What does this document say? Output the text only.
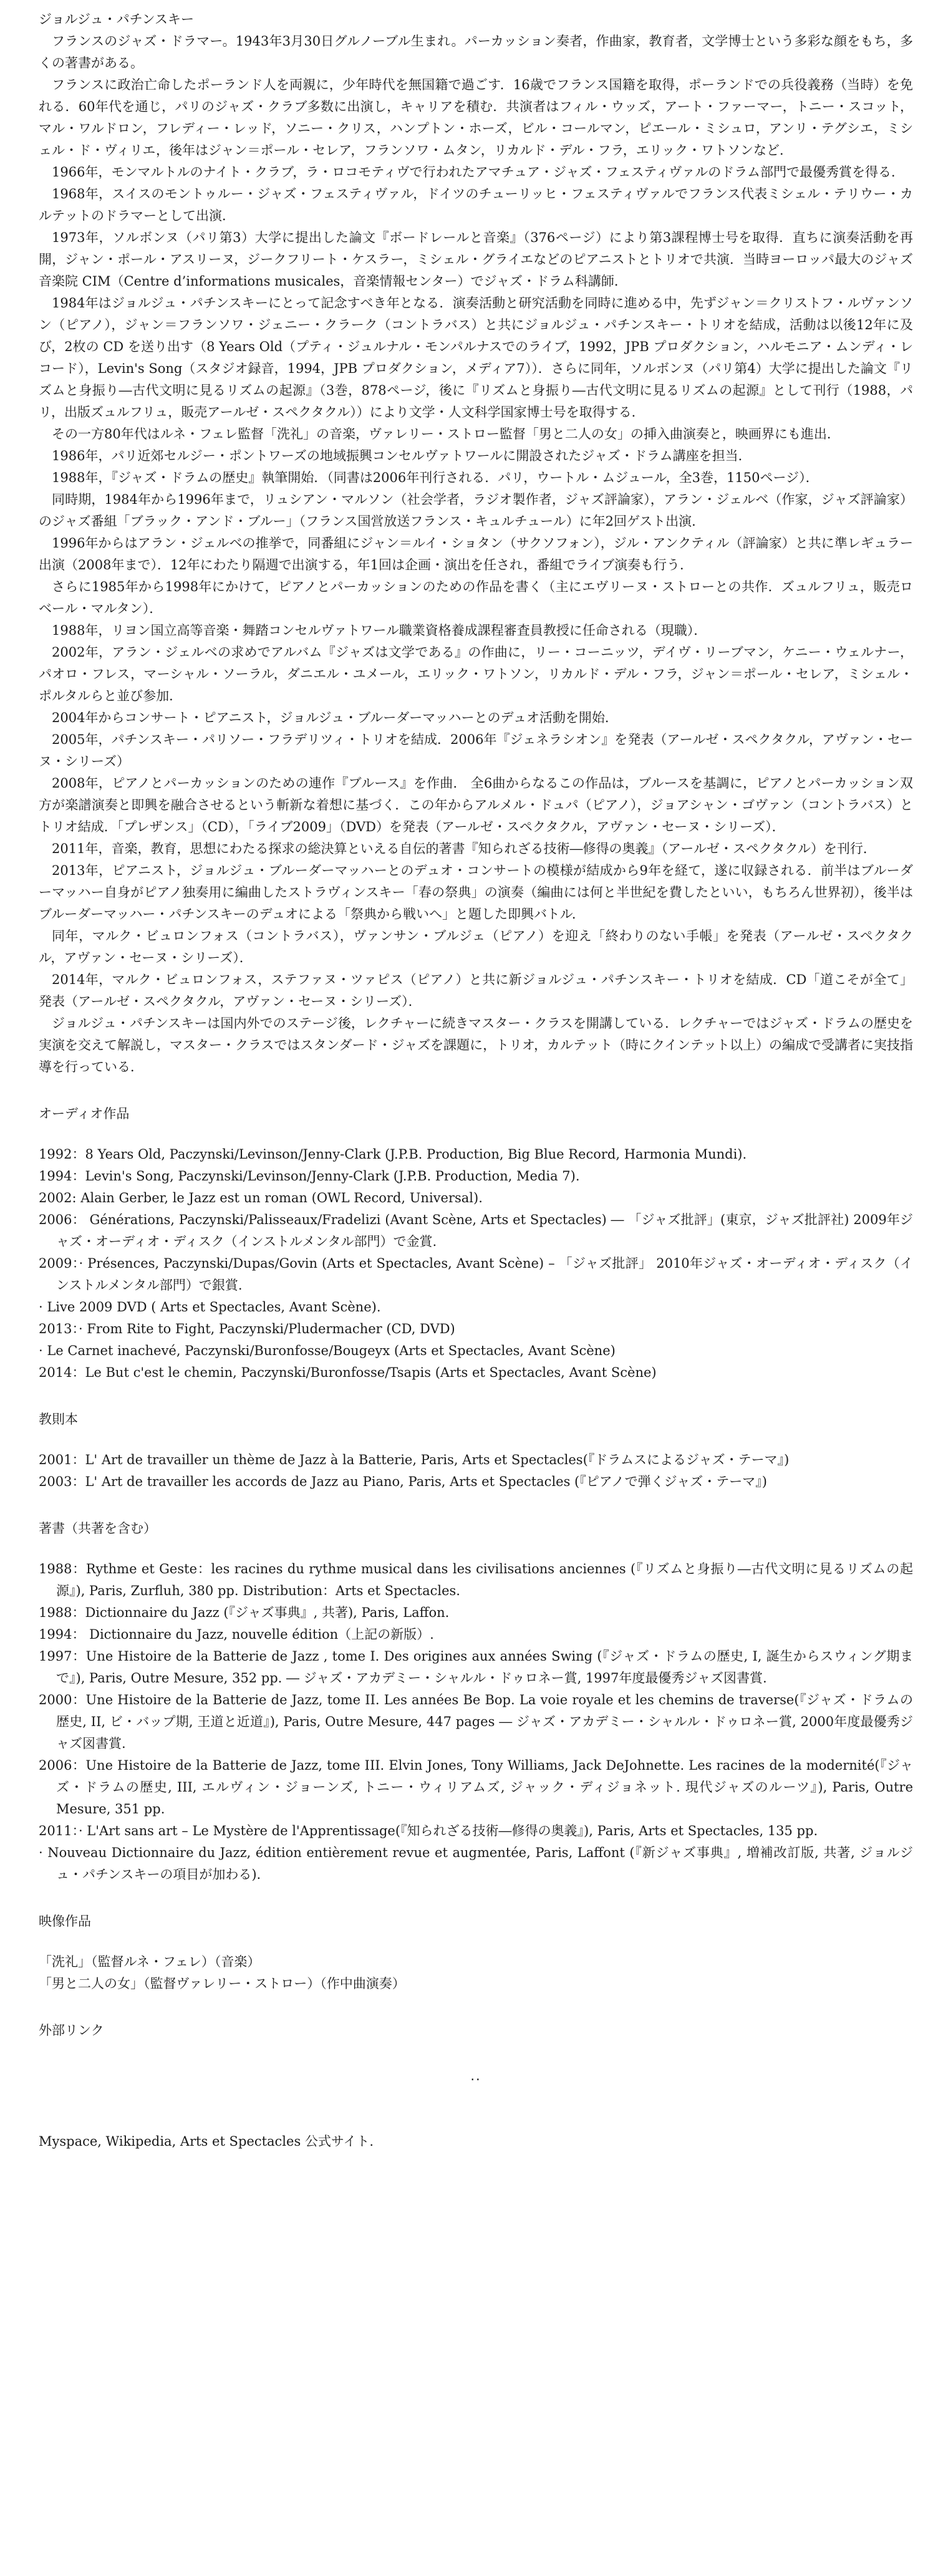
ジョルジュ・パチンスキー

フランスのジャズ・ドラマー。1943年3月30日グルノーブル生まれ。パーカッション奏者，作曲家，教育者，文学博士という多彩な顔をもち，多くの著書がある。

フランスに政治亡命したポーランド人を両親に，少年時代を無国籍で過ごす．16歳でフランス国籍を取得，ポーランドでの兵役義務（当時）を免れる．60年代を通じ，パリのジャズ・クラブ多数に出演し，キャリアを積む．共演者はフィル・ウッズ，アート・ファーマー，トニー・スコット，マル・ワルドロン，フレディー・レッド，ソニー・クリス，ハンプトン・ホーズ，ビル・コールマン，ピエール・ミシュロ，アンリ・テグシエ，ミシェル・ド・ヴィリエ，後年はジャン＝ポール・セレア，フランソワ・ムタン，リカルド・デル・フラ，エリック・ワトソンなど．

1966年，モンマルトルのナイト・クラブ，ラ・ロコモティヴで行われたアマチュア・ジャズ・フェスティヴァルのドラム部門で最優秀賞を得る．

1968年，スイスのモントゥルー・ジャズ・フェスティヴァル，ドイツのチューリッヒ・フェスティヴァルでフランス代表ミシェル・テリウー・カルテットのドラマーとして出演．

1973年，ソルボンヌ（パリ第3）大学に提出した論文『ボードレールと音楽』（376ページ）により第3課程博士号を取得．直ちに演奏活動を再開，ジャン・ポール・アスリーヌ，ジークフリート・ケスラー，ミシェル・グライエなどのピアニストとトリオで共演．当時ヨーロッパ最大のジャズ音楽院 CIM（Centre d’informations musicales，音楽情報センター）でジャズ・ドラム科講師．

1984年はジョルジュ・パチンスキーにとって記念すべき年となる．演奏活動と研究活動を同時に進める中，先ずジャン＝クリストフ・ルヴァンソン（ピアノ），ジャン＝フランソワ・ジェニー・クラーク（コントラバス）と共にジョルジュ・パチンスキー・トリオを結成，活動は以後12年に及び，2枚の CD を送り出す（8 Years Old（プティ・ジュルナル・モンパルナスでのライブ，1992，JPB プロダクション，ハルモニア・ムンディ・レコード），Levin's Song（スタジオ録音，1994，JPB プロダクション，メディア7））．さらに同年，ソルボンヌ（パリ第4）大学に提出した論文『リズムと身振り―古代文明に見るリズムの起源』（3巻，878ページ，後に『リズムと身振り―古代文明に見るリズムの起源』として刊行（1988，パリ，出版ズュルフリュ，販売アールゼ・スペクタクル））により文学・人文科学国家博士号を取得する．

その一方80年代はルネ・フェレ監督「洗礼」の音楽，ヴァレリー・ストロー監督「男と二人の女」の挿入曲演奏と，映画界にも進出．

1986年，パリ近郊セルジー・ポントワーズの地域振興コンセルヴァトワールに開設されたジャズ・ドラム講座を担当．

1988年，『ジャズ・ドラムの歴史』執筆開始．（同書は2006年刊行される．パリ，ウートル・ムジュール，全3巻，1150ページ）．

同時期，1984年から1996年まで，リュシアン・マルソン（社会学者，ラジオ製作者，ジャズ評論家），アラン・ジェルベ（作家，ジャズ評論家）のジャズ番組「ブラック・アンド・ブルー」（フランス国営放送フランス・キュルチュール）に年2回ゲスト出演．

1996年からはアラン・ジェルベの推挙で，同番組にジャン＝ルイ・ショタン（サクソフォン），ジル・アンクティル（評論家）と共に準レギュラー出演（2008年まで）．12年にわたり隔週で出演する，年1回は企画・演出を任され，番組でライブ演奏も行う．

さらに1985年から1998年にかけて，ピアノとパーカッションのための作品を書く（主にエヴリーヌ・ストローとの共作．ズュルフリュ，販売ロベール・マルタン）．

1988年，リヨン国立高等音楽・舞踏コンセルヴァトワール職業資格養成課程審査員教授に任命される（現職）．

2002年，アラン・ジェルベの求めでアルバム『ジャズは文学である』の作曲に，リー・コーニッツ，デイヴ・リーブマン，ケニー・ウェルナー，パオロ・フレス，マーシャル・ソーラル，ダニエル・ユメール，エリック・ワトソン，リカルド・デル・フラ，ジャン＝ポール・セレア，ミシェル・ポルタルらと並び参加．

2004年からコンサート・ピアニスト，ジョルジュ・ブルーダーマッハーとのデュオ活動を開始．

2005年，パチンスキー・パリソー・フラデリツィ・トリオを結成．2006年『ジェネラシオン』を発表（アールゼ・スペクタクル，アヴァン・セーヌ・シリーズ）

2008年，ピアノとパーカッションのための連作『ブルース』を作曲． 全6曲からなるこの作品は，ブルースを基調に，ピアノとパーカッション双方が楽譜演奏と即興を融合させるという斬新な着想に基づく．この年からアルメル・ドュパ（ピアノ），ジョアシャン・ゴヴァン（コントラバス）とトリオ結成．「プレザンス」（CD），「ライブ2009」（DVD）を発表（アールゼ・スペクタクル，アヴァン・セーヌ・シリーズ）．

2011年，音楽，教育，思想にわたる探求の総決算といえる自伝的著書『知られざる技術―修得の奥義』（アールゼ・スペクタクル）を刊行．

2013年，ピアニスト，ジョルジュ・ブルーダーマッハーとのデュオ・コンサートの模様が結成から9年を経て，遂に収録される．前半はブルーダーマッハー自身がピアノ独奏用に編曲したストラヴィンスキー「春の祭典」の演奏（編曲には何と半世紀を費したといい，もちろん世界初），後半はブルーダーマッハー・パチンスキーのデュオによる「祭典から戦いへ」と題した即興バトル．

同年，マルク・ビュロンフォス（コントラバス），ヴァンサン・ブルジェ（ピアノ）を迎え「終わりのない手帳」を発表（アールゼ・スペクタクル，アヴァン・セーヌ・シリーズ）．

2014年，マルク・ビュロンフォス，ステファヌ・ツァピス（ピアノ）と共に新ジョルジュ・パチンスキー・トリオを結成．CD「道こそが全て」発表（アールゼ・スペクタクル，アヴァン・セーヌ・シリーズ）．

ジョルジュ・パチンスキーは国内外でのステージ後，レクチャーに続きマスター・クラスを開講している．レクチャーではジャズ・ドラムの歴史を実演を交えて解説し，マスター・クラスではスタンダード・ジャズを課題に，トリオ，カルテット（時にクインテット以上）の編成で受講者に実技指導を行っている．

オーディオ作品

1992：8 Years Old, Paczynski/Levinson/Jenny-Clark (J.P.B. Production, Big Blue Record, Harmonia Mundi).

1994：Levin's Song, Paczynski/Levinson/Jenny-Clark (J.P.B. Production, Media 7).

2002: Alain Gerber, le Jazz est un roman (OWL Record, Universal).

2006： Générations, Paczynski/Palisseaux/Fradelizi (Avant Scène, Arts et Spectacles) ― 「ジャズ批評」(東京，ジャズ批評社) 2009年ジャズ・オーディオ・ディスク（インストルメンタル部門）で金賞.

2009：· Présences, Paczynski/Dupas/Govin (Arts et Spectacles, Avant Scène) – 「ジャズ批評」 2010年ジャズ・オーディオ・ディスク（インストルメンタル部門）で銀賞.

· Live 2009 DVD ( Arts et Spectacles, Avant Scène).

2013：· From Rite to Fight, Paczynski/Pludermacher (CD, DVD)

· Le Carnet inachevé, Paczynski/Buronfosse/Bougeyx (Arts et Spectacles, Avant Scène)

2014：Le But c'est le chemin, Paczynski/Buronfosse/Tsapis (Arts et Spectacles, Avant Scène)

教則本

2001：L' Art de travailler un thème de Jazz à la Batterie, Paris, Arts et Spectacles(『ドラムスによるジャズ・テーマ』)

2003：L' Art de travailler les accords de Jazz au Piano, Paris, Arts et Spectacles (『ピアノで弾くジャズ・テーマ』)

著書（共著を含む）

1988：Rythme et Geste：les racines du rythme musical dans les civilisations anciennes (『リズムと身振り―古代文明に見るリズムの起源』), Paris, Zurfluh, 380 pp. Distribution：Arts et Spectacles.

1988：Dictionnaire du Jazz (『ジャズ事典』, 共著), Paris, Laffon.

1994： Dictionnaire du Jazz, nouvelle édition（上記の新版）.

1997：Une Histoire de la Batterie de Jazz , tome I. Des origines aux années Swing (『ジャズ・ドラムの歴史, I, 誕生からスウィング期まで』), Paris, Outre Mesure, 352 pp. ― ジャズ・アカデミー・シャルル・ドゥロネー賞, 1997年度最優秀ジャズ図書賞.

2000：Une Histoire de la Batterie de Jazz, tome II. Les années Be Bop. La voie royale et les chemins de traverse(『ジャズ・ドラムの歴史, II, ビ・バップ期, 王道と近道』), Paris, Outre Mesure, 447 pages ― ジャズ・アカデミー・シャルル・ドゥロネー賞, 2000年度最優秀ジャズ図書賞.

2006：Une Histoire de la Batterie de Jazz, tome III. Elvin Jones, Tony Williams, Jack DeJohnette. Les racines de la modernité(『ジャズ・ドラムの歴史, III, エルヴィン・ジョーンズ, トニー・ウィリアムズ, ジャック・ディジョネット. 現代ジャズのルーツ』), Paris, Outre Mesure, 351 pp.

2011：· L'Art sans art – Le Mystère de l'Apprentissage(『知られざる技術―修得の奥義』), Paris, Arts et Spectacles, 135 pp.

· Nouveau Dictionnaire du Jazz, édition entièrement revue et augmentée, Paris, Laffont (『新ジャズ事典』, 増補改訂版, 共著, ジョルジュ・パチンスキーの項目が加わる).

映像作品

「洗礼」（監督ルネ・フェレ）（音楽）

「男と二人の女」（監督ヴァレリー・ストロー）（作中曲演奏）

外部リンク

..

Myspace, Wikipedia, Arts et Spectacles 公式サイト.
